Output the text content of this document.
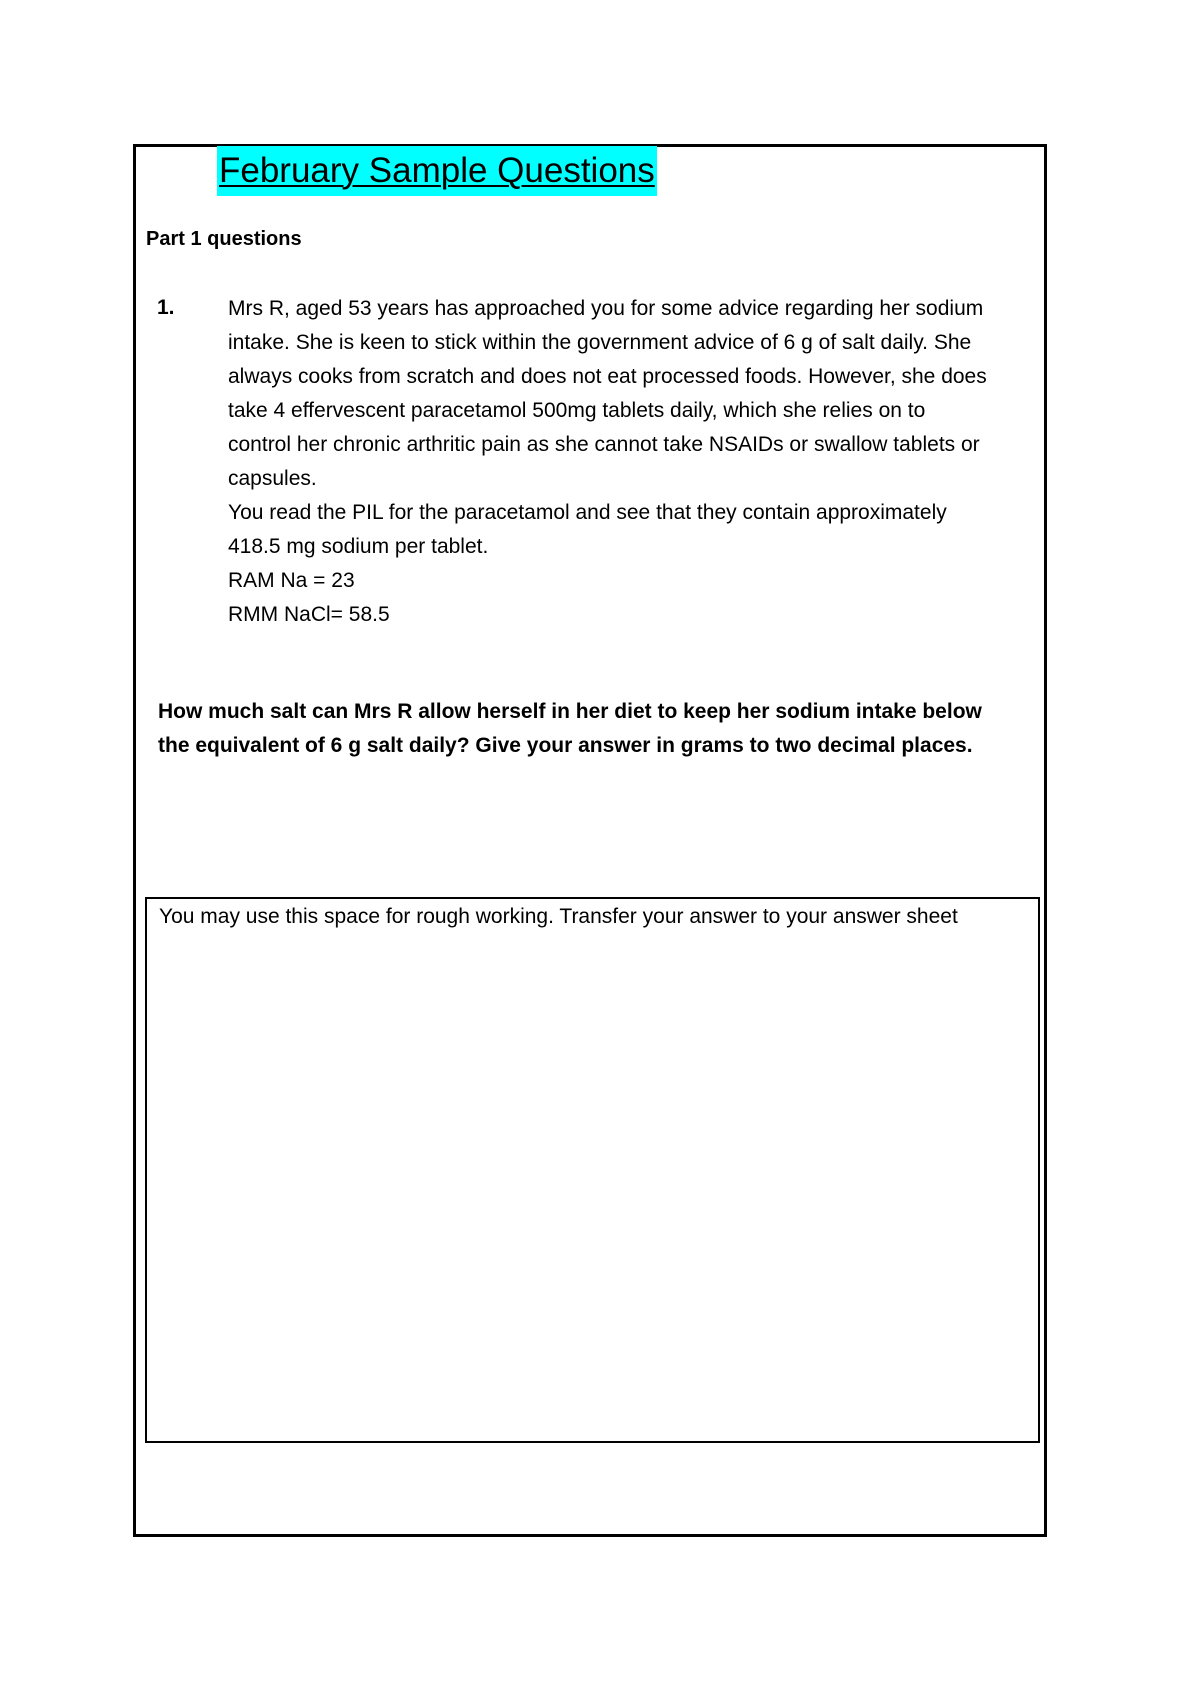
February Sample Questions
Part 1 questions
1.	Mrs R, aged 53 years has approached you for some advice regarding her sodium

intake. She is keen to stick within the government advice of 6 g of salt daily. She

always cooks from scratch and does not eat processed foods. However, she does

take 4 effervescent paracetamol 500mg tablets daily, which she relies on to

control her chronic arthritic pain as she cannot take NSAIDs or swallow tablets or

capsules.

You read the PIL for the paracetamol and see that they contain approximately

418.5 mg sodium per tablet.

RAM Na = 23

RMM NaCl= 58.5

How much salt can Mrs R allow herself in her diet to keep her sodium intake below

the equivalent of 6 g salt daily? Give your answer in grams to two decimal places.

You may use this space for rough working. Transfer your answer to your answer sheet
